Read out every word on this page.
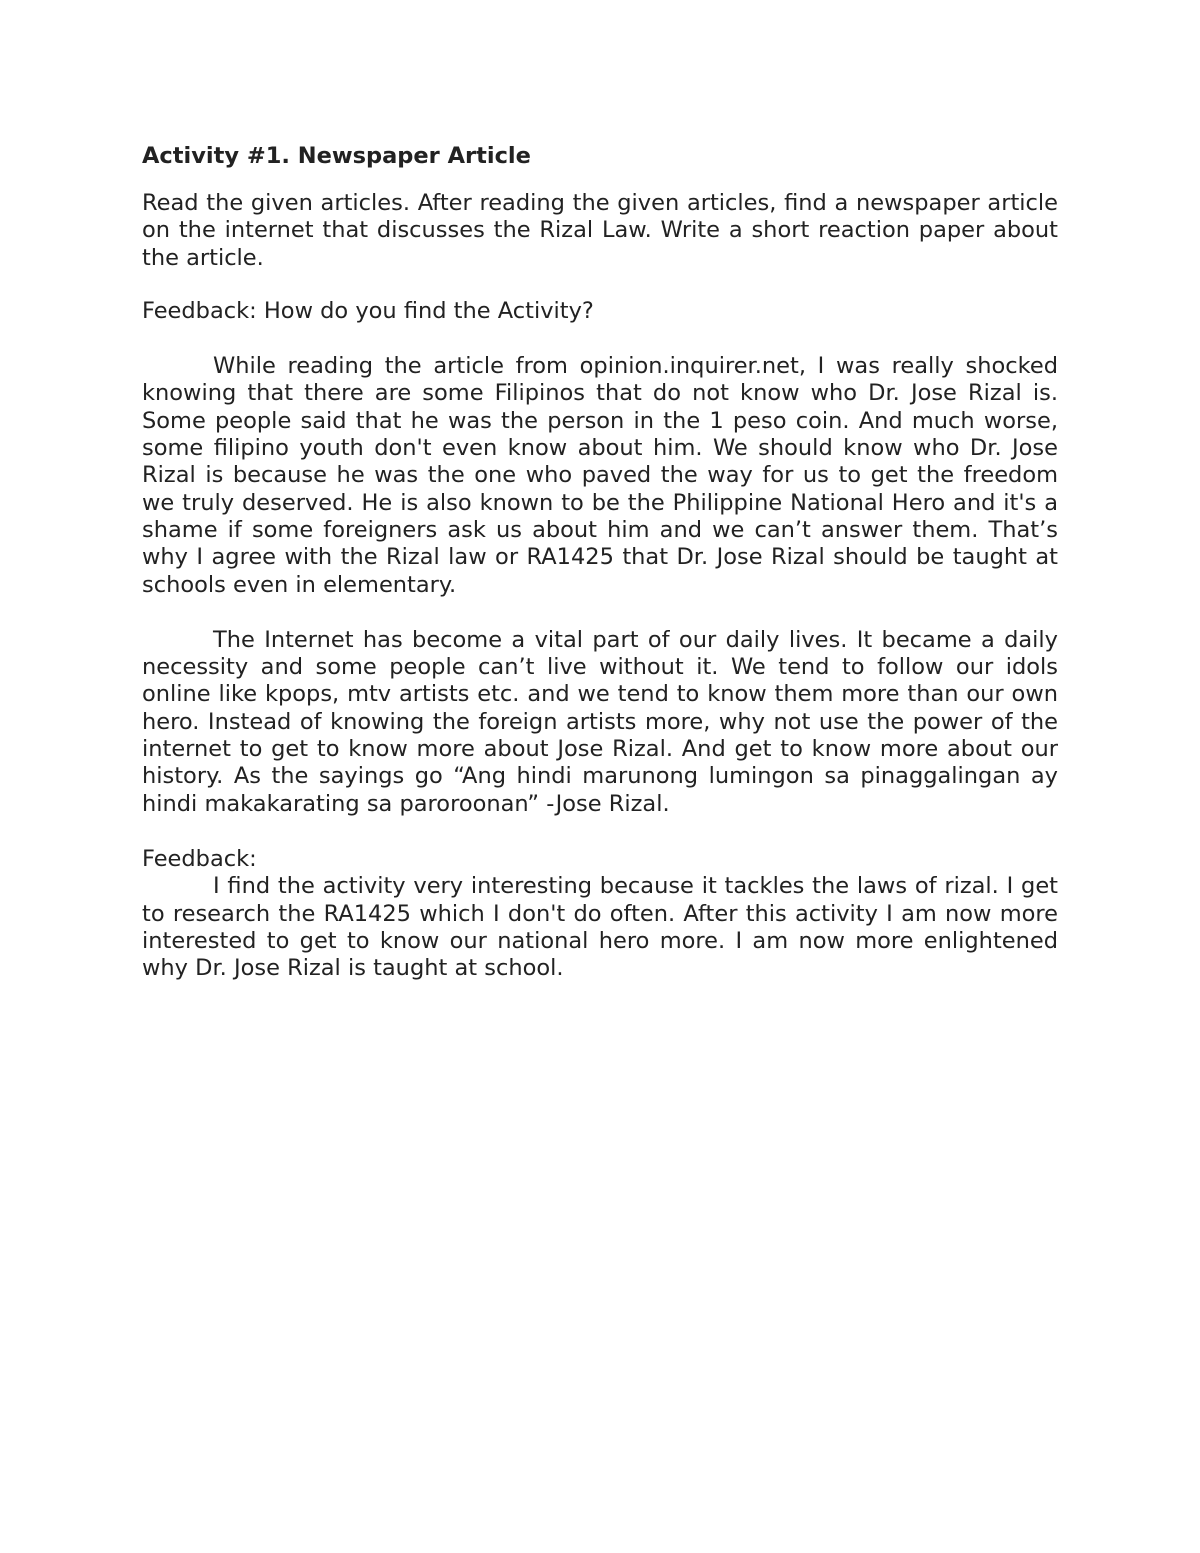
Activity #1. Newspaper Article

Read the given articles. After reading the given articles, find a newspaper article on the internet that discusses the Rizal Law. Write a short reaction paper about the article.

Feedback: How do you find the Activity?

While reading the article from opinion.inquirer.net, I was really shocked knowing that there are some Filipinos that do not know who Dr. Jose Rizal is. Some people said that he was the person in the 1 peso coin. And much worse, some filipino youth don't even know about him. We should know who Dr. Jose Rizal is because he was the one who paved the way for us to get the freedom we truly deserved. He is also known to be the Philippine National Hero and it's a shame if some foreigners ask us about him and we can’t answer them. That’s why I agree with the Rizal law or RA1425 that Dr. Jose Rizal should be taught at schools even in elementary.

The Internet has become a vital part of our daily lives. It became a daily necessity and some people can’t live without it. We tend to follow our idols online like kpops, mtv artists etc. and we tend to know them more than our own hero. Instead of knowing the foreign artists more, why not use the power of the internet to get to know more about Jose Rizal. And get to know more about our history. As the sayings go “Ang hindi marunong lumingon sa pinaggalingan ay hindi makakarating sa paroroonan” -Jose Rizal.

Feedback:

I find the activity very interesting because it tackles the laws of rizal. I get to research the RA1425 which I don't do often. After this activity I am now more interested to get to know our national hero more. I am now more enlightened why Dr. Jose Rizal is taught at school.
